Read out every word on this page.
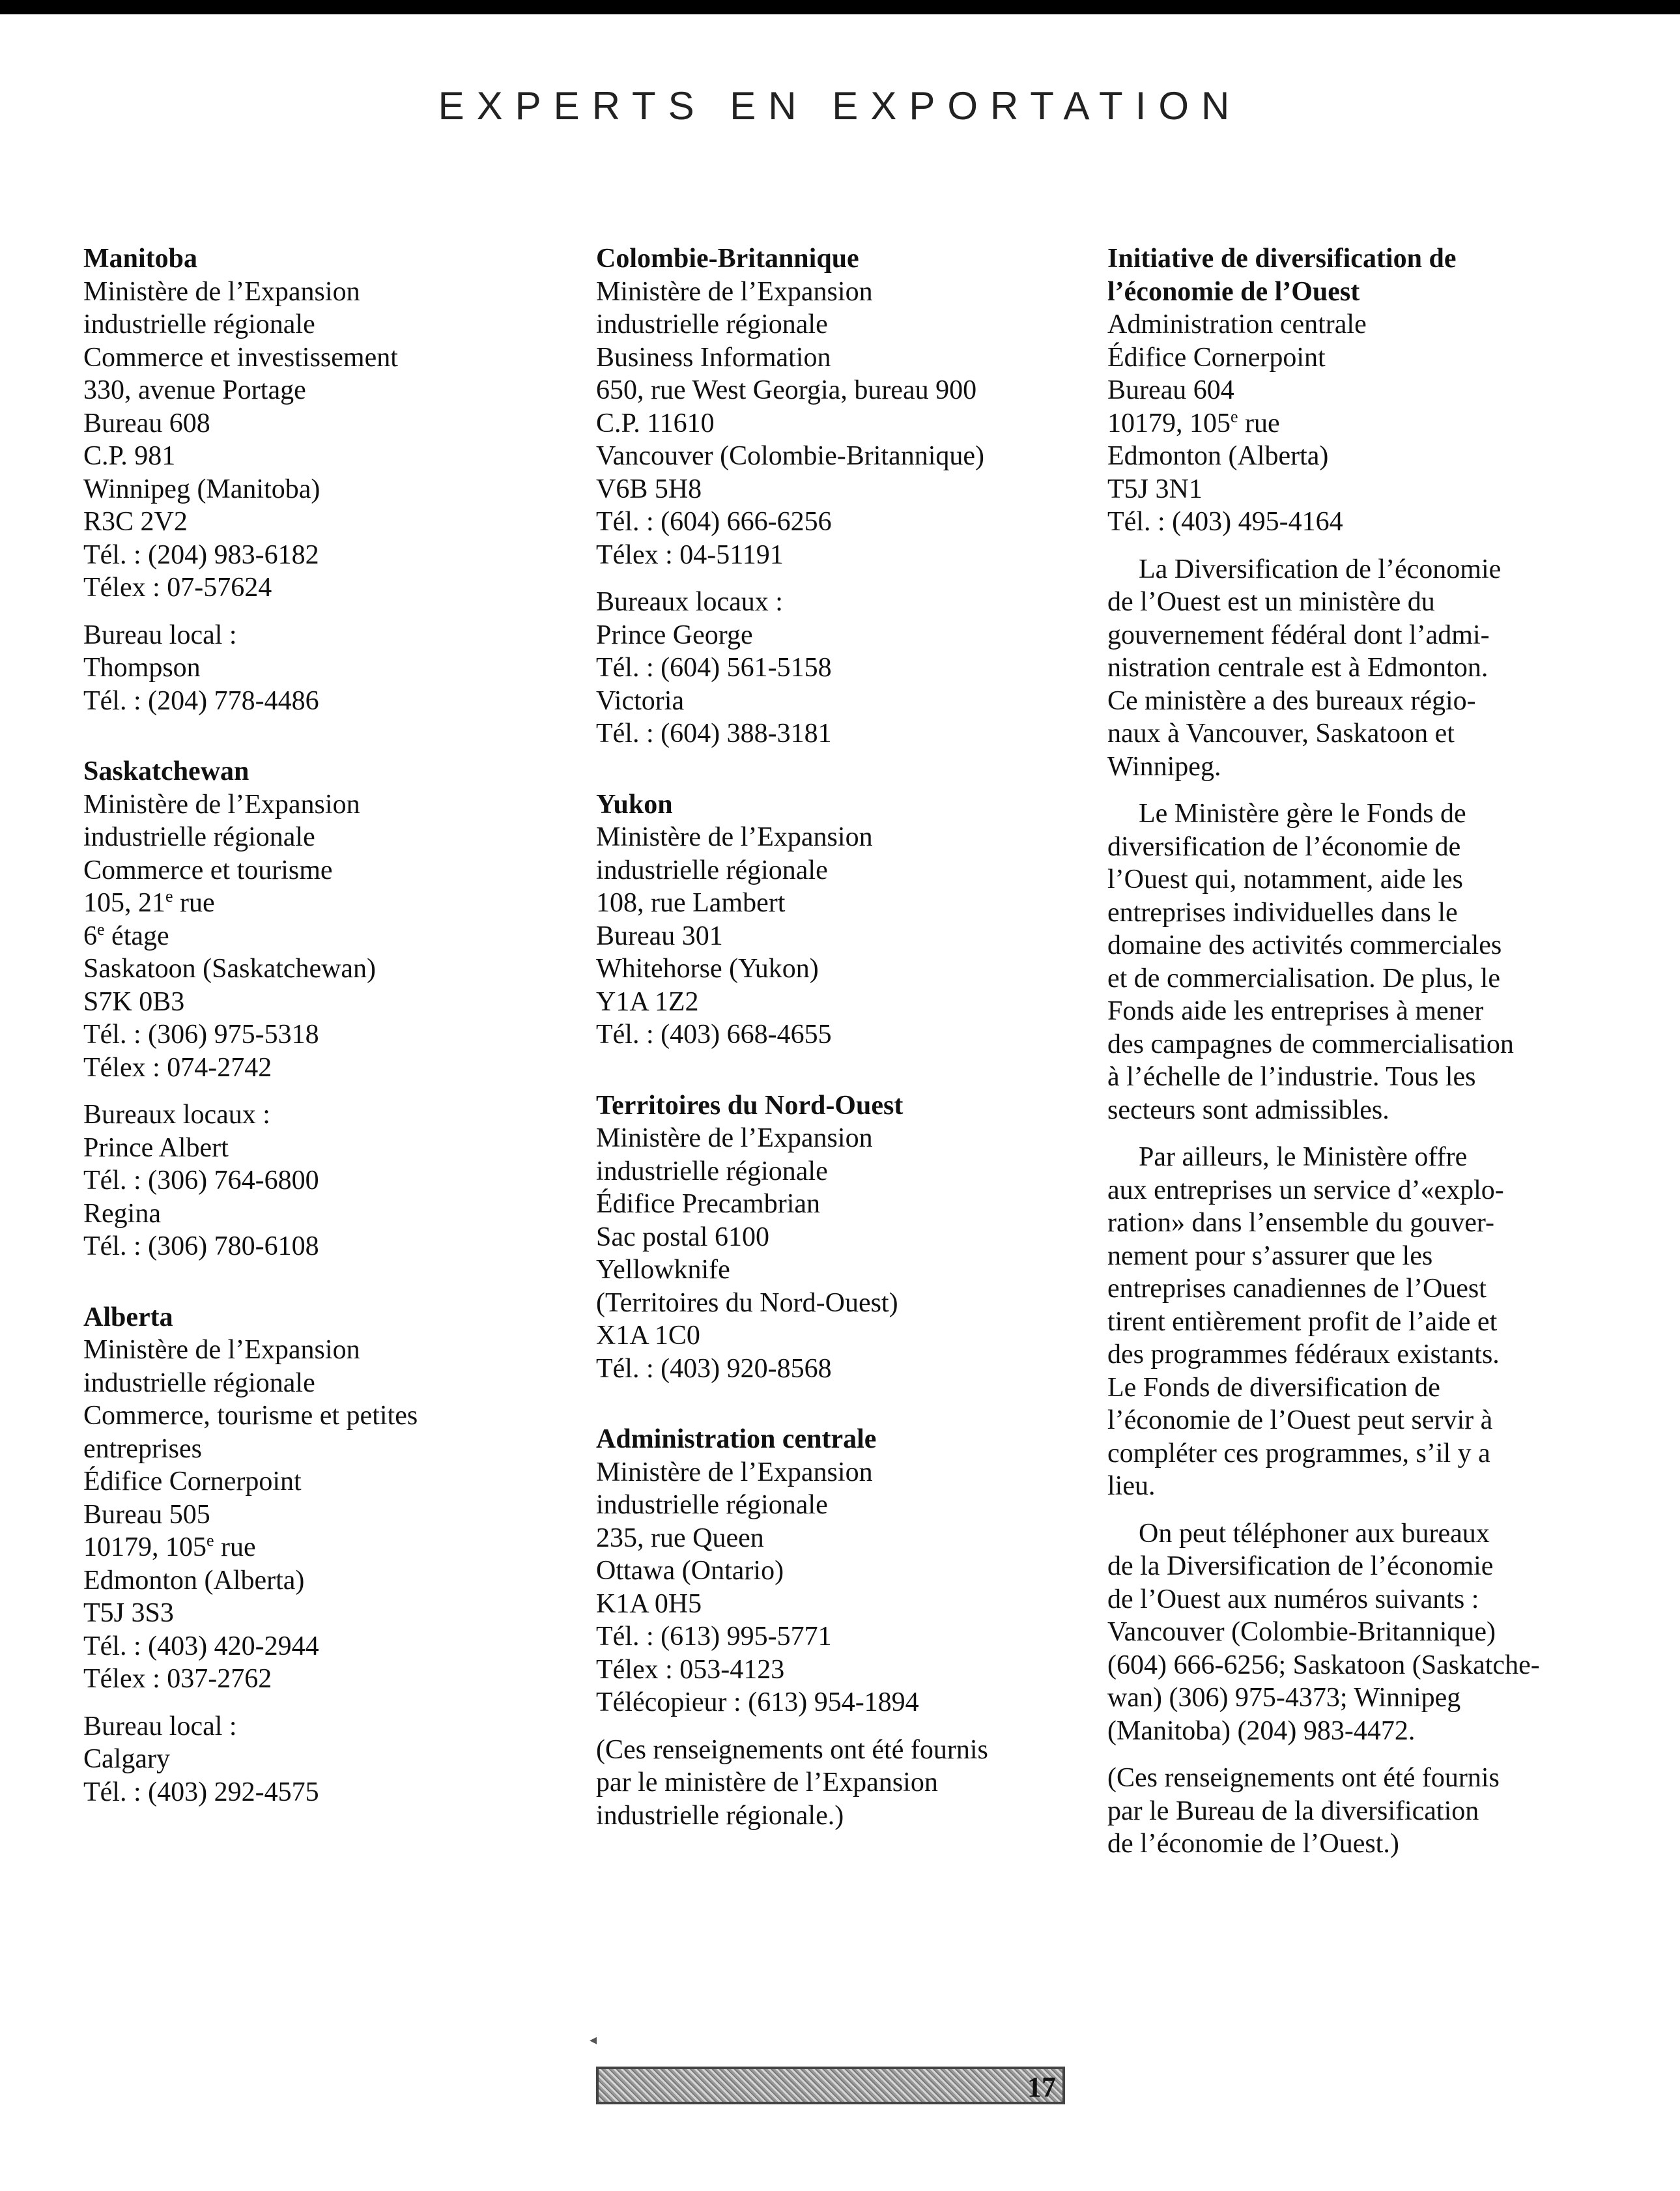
EXPERTS EN EXPORTATION
Manitoba
Ministère de l’Expansion
industrielle régionale
Commerce et investissement
330, avenue Portage
Bureau 608
C.P. 981
Winnipeg (Manitoba)
R3C 2V2
Tél. : (204) 983-6182
Télex : 07-57624
Bureau local :
Thompson
Tél. : (204) 778-4486
Saskatchewan
Ministère de l’Expansion
industrielle régionale
Commerce et tourisme
105, 21e rue
6e étage
Saskatoon (Saskatchewan)
S7K 0B3
Tél. : (306) 975-5318
Télex : 074-2742
Bureaux locaux :
Prince Albert
Tél. : (306) 764-6800
Regina
Tél. : (306) 780-6108
Alberta
Ministère de l’Expansion
industrielle régionale
Commerce, tourisme et petites
entreprises
Édifice Cornerpoint
Bureau 505
10179, 105e rue
Edmonton (Alberta)
T5J 3S3
Tél. : (403) 420-2944
Télex : 037-2762
Bureau local :
Calgary
Tél. : (403) 292-4575
Colombie-Britannique
Ministère de l’Expansion
industrielle régionale
Business Information
650, rue West Georgia, bureau 900
C.P. 11610
Vancouver (Colombie-Britannique)
V6B 5H8
Tél. : (604) 666-6256
Télex : 04-51191
Bureaux locaux :
Prince George
Tél. : (604) 561-5158
Victoria
Tél. : (604) 388-3181
Yukon
Ministère de l’Expansion
industrielle régionale
108, rue Lambert
Bureau 301
Whitehorse (Yukon)
Y1A 1Z2
Tél. : (403) 668-4655
Territoires du Nord-Ouest
Ministère de l’Expansion
industrielle régionale
Édifice Precambrian
Sac postal 6100
Yellowknife
(Territoires du Nord-Ouest)
X1A 1C0
Tél. : (403) 920-8568
Administration centrale
Ministère de l’Expansion
industrielle régionale
235, rue Queen
Ottawa (Ontario)
K1A 0H5
Tél. : (613) 995-5771
Télex : 053-4123
Télécopieur : (613) 954-1894
(Ces renseignements ont été fournis
par le ministère de l’Expansion
industrielle régionale.)
Initiative de diversification de
l’économie de l’Ouest
Administration centrale
Édifice Cornerpoint
Bureau 604
10179, 105e rue
Edmonton (Alberta)
T5J 3N1
Tél. : (403) 495-4164
La Diversification de l’économie
de l’Ouest est un ministère du
gouvernement fédéral dont l’admi-
nistration centrale est à Edmonton.
Ce ministère a des bureaux régio-
naux à Vancouver, Saskatoon et
Winnipeg.
Le Ministère gère le Fonds de
diversification de l’économie de
l’Ouest qui, notamment, aide les
entreprises individuelles dans le
domaine des activités commerciales
et de commercialisation. De plus, le
Fonds aide les entreprises à mener
des campagnes de commercialisation
à l’échelle de l’industrie. Tous les
secteurs sont admissibles.
Par ailleurs, le Ministère offre
aux entreprises un service d’«explo-
ration» dans l’ensemble du gouver-
nement pour s’assurer que les
entreprises canadiennes de l’Ouest
tirent entièrement profit de l’aide et
des programmes fédéraux existants.
Le Fonds de diversification de
l’économie de l’Ouest peut servir à
compléter ces programmes, s’il y a
lieu.
On peut téléphoner aux bureaux
de la Diversification de l’économie
de l’Ouest aux numéros suivants :
Vancouver (Colombie-Britannique)
(604) 666-6256; Saskatoon (Saskatche-
wan) (306) 975-4373; Winnipeg
(Manitoba) (204) 983-4472.
(Ces renseignements ont été fournis
par le Bureau de la diversification
de l’économie de l’Ouest.)
◂
17
